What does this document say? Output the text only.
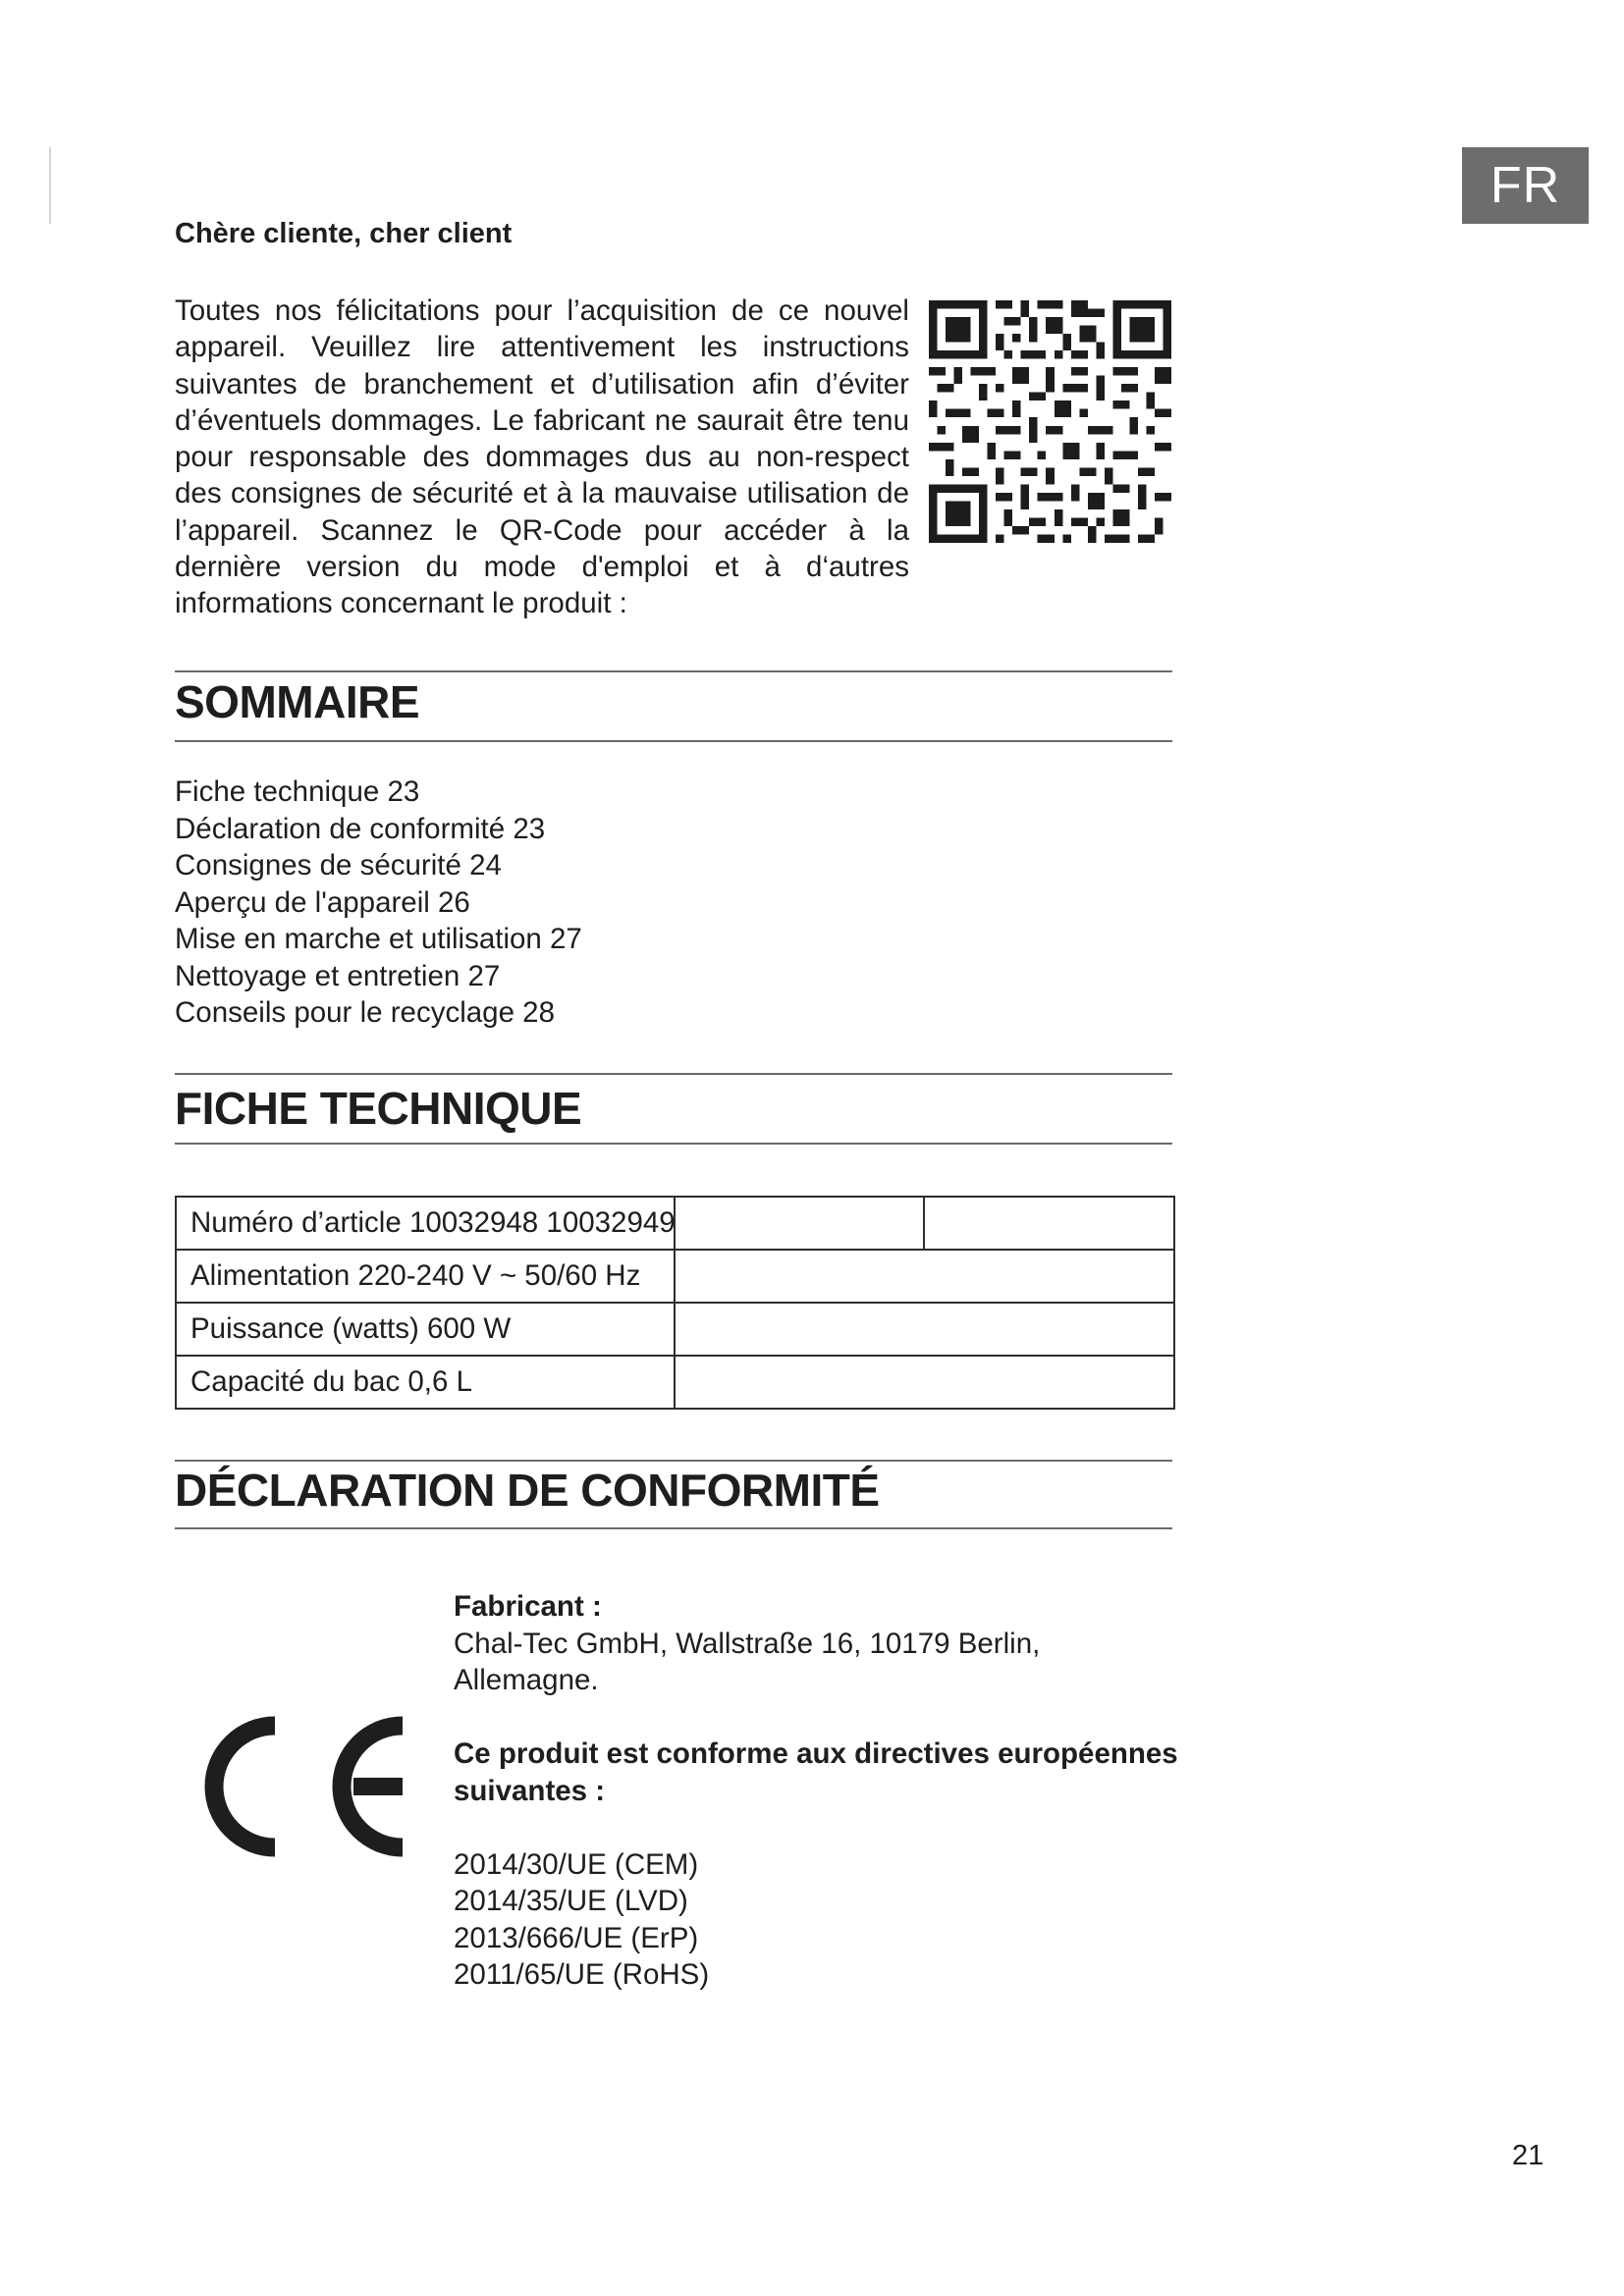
FR
Chère cliente, cher client

Toutes nos félicitations pour l’acquisition de ce nouvel appareil. Veuillez lire attentivement les instructions suivantes de branchement et d’utilisation afin d’éviter d’éventuels dommages. Le fabricant ne saurait être tenu pour responsable des dommages dus au non-respect des consignes de sécurité et à la mauvaise utilisation de l’appareil. Scannez le QR-Code pour accéder à la dernière version du mode d'emploi et à d‘autres informations concernant le produit :

SOMMAIRE
Fiche technique 23
Déclaration de conformité 23
Consignes de sécurité 24
Aperçu de l'appareil 26
Mise en marche et utilisation 27
Nettoyage et entretien 27
Conseils pour le recyclage 28
FICHE TECHNIQUE
Numéro d’article 10032948 10032949		
Alimentation 220-240 V ~ 50/60 Hz		
Puissance (watts) 600 W		
Capacité du bac 0,6 L		
DÉCLARATION DE CONFORMITÉ
Fabricant :
Chal-Tec GmbH, Wallstraße 16, 10179 Berlin,
Allemagne.
Ce produit est conforme aux directives européennes
suivantes :
2014/30/UE (CEM)
2014/35/UE (LVD)
2013/666/UE (ErP)
2011/65/UE (RoHS)
21
